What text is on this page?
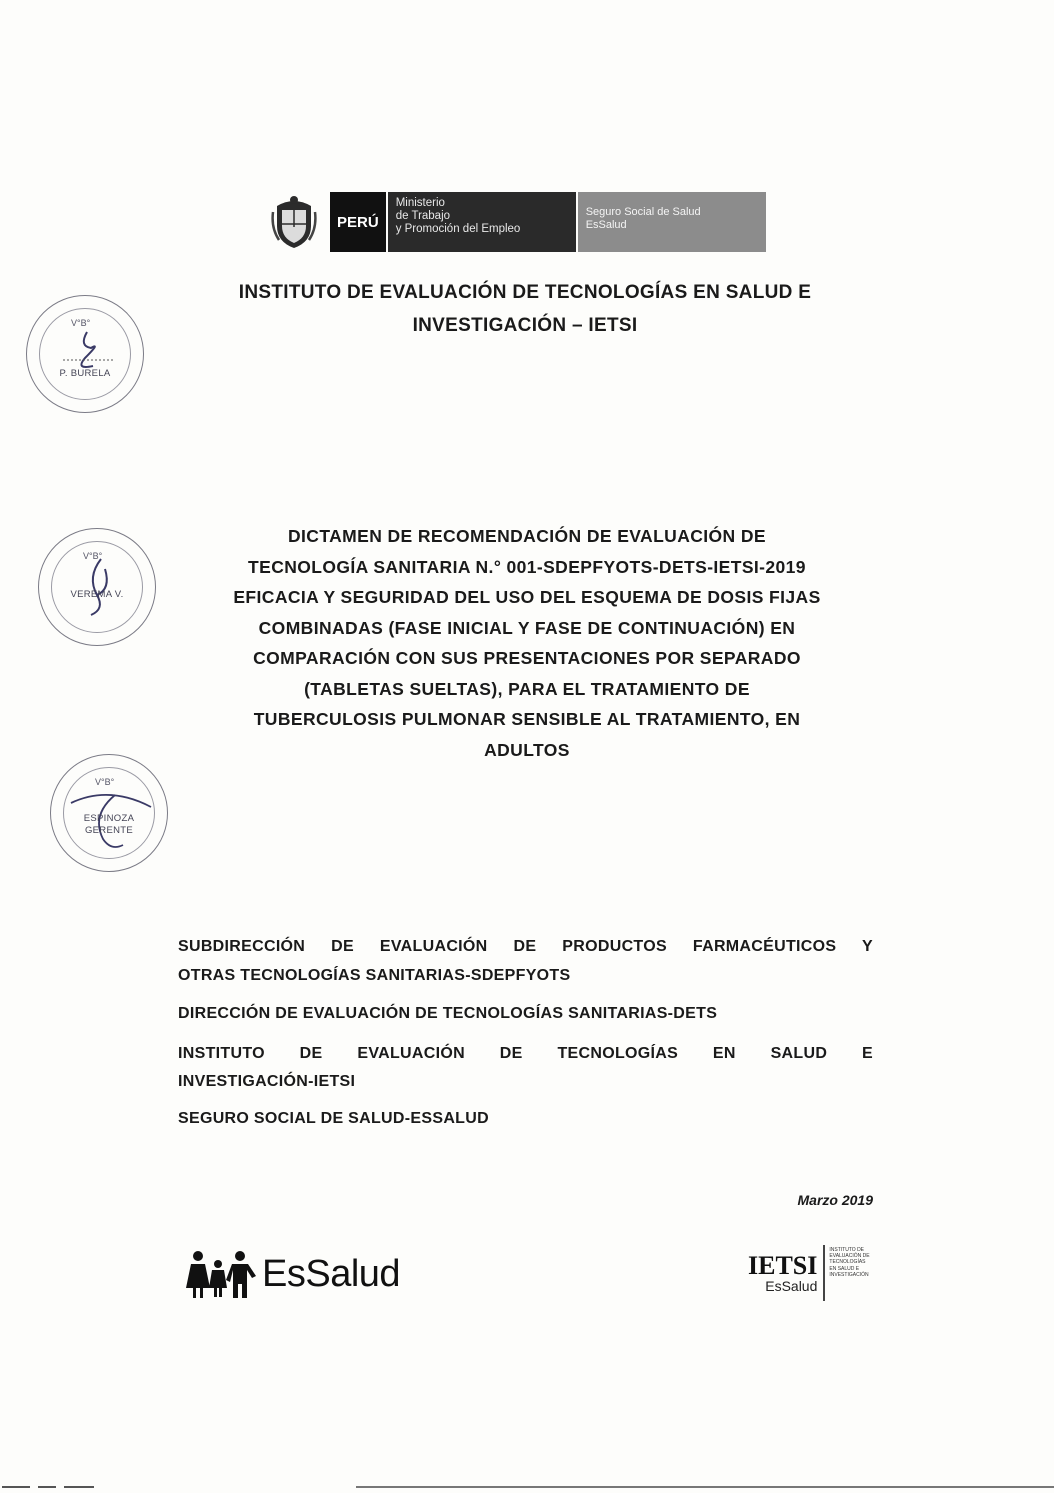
PERÚ
Ministerio
de Trabajo
y Promoción del Empleo
Seguro Social de Salud
EsSalud
INSTITUTO DE EVALUACIÓN DE TECNOLOGÍAS EN SALUD E
INVESTIGACIÓN – IETSI
V°B°
P. BURELA
V°B°
VEREMA V.
V°B°
ESPINOZA
GERENTE
DICTAMEN DE RECOMENDACIÓN DE EVALUACIÓN DE
TECNOLOGÍA SANITARIA N.° 001-SDEPFYOTS-DETS-IETSI-2019
EFICACIA Y SEGURIDAD DEL USO DEL ESQUEMA DE DOSIS FIJAS
COMBINADAS (FASE INICIAL Y FASE DE CONTINUACIÓN) EN
COMPARACIÓN CON SUS PRESENTACIONES POR SEPARADO
(TABLETAS SUELTAS), PARA EL TRATAMIENTO DE
TUBERCULOSIS PULMONAR SENSIBLE AL TRATAMIENTO, EN
ADULTOS
SUBDIRECCIÓN DE EVALUACIÓN DE PRODUCTOS FARMACÉUTICOS Y
OTRAS TECNOLOGÍAS SANITARIAS-SDEPFYOTS
DIRECCIÓN DE EVALUACIÓN DE TECNOLOGÍAS SANITARIAS-DETS
INSTITUTO DE EVALUACIÓN DE TECNOLOGÍAS EN SALUD E
INVESTIGACIÓN-IETSI
SEGURO SOCIAL DE SALUD-ESSALUD
Marzo 2019
EsSalud	IETSI
EsSalud
INSTITUTO DE EVALUACIÓN DE TECNOLOGÍAS EN SALUD E INVESTIGACIÓN
